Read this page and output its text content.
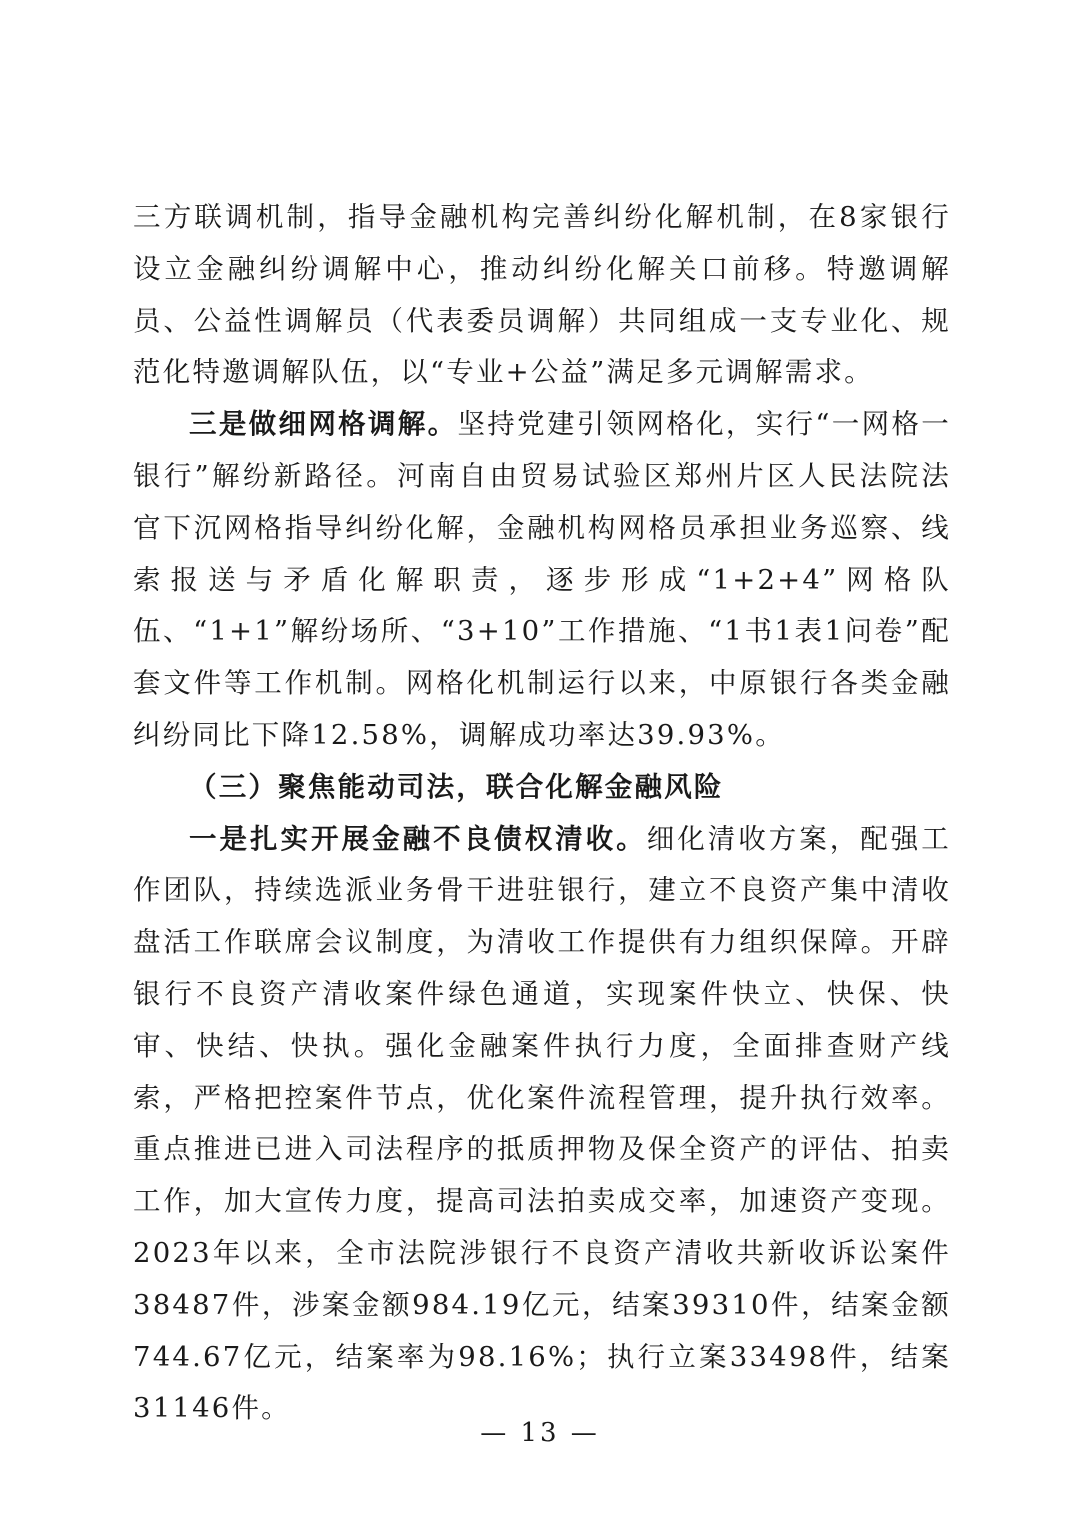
三方联调机制，指导金融机构完善纠纷化解机制，在8家银行设立金融纠纷调解中心，推动纠纷化解关口前移。特邀调解员、公益性调解员（代表委员调解）共同组成一支专业化、规范化特邀调解队伍，以“专业+公益”满足多元调解需求。

三是做细网格调解。坚持党建引领网格化，实行“一网格一银行”解纷新路径。河南自由贸易试验区郑州片区人民法院法官下沉网格指导纠纷化解，金融机构网格员承担业务巡察、线索报送与矛盾化解职责，逐步形成“1+2+4”网格队伍、“1+1”解纷场所、“3+10”工作措施、“1书1表1问卷”配套文件等工作机制。网格化机制运行以来，中原银行各类金融纠纷同比下降12.58%，调解成功率达39.93%。

（三）聚焦能动司法，联合化解金融风险

一是扎实开展金融不良债权清收。细化清收方案，配强工作团队，持续选派业务骨干进驻银行，建立不良资产集中清收盘活工作联席会议制度，为清收工作提供有力组织保障。开辟银行不良资产清收案件绿色通道，实现案件快立、快保、快审、快结、快执。强化金融案件执行力度，全面排查财产线索，严格把控案件节点，优化案件流程管理，提升执行效率。重点推进已进入司法程序的抵质押物及保全资产的评估、拍卖工作，加大宣传力度，提高司法拍卖成交率，加速资产变现。2023年以来，全市法院涉银行不良资产清收共新收诉讼案件38487件，涉案金额984.19亿元，结案39310件，结案金额744.67亿元，结案率为98.16%；执行立案33498件，结案31146件。

— 13 —
